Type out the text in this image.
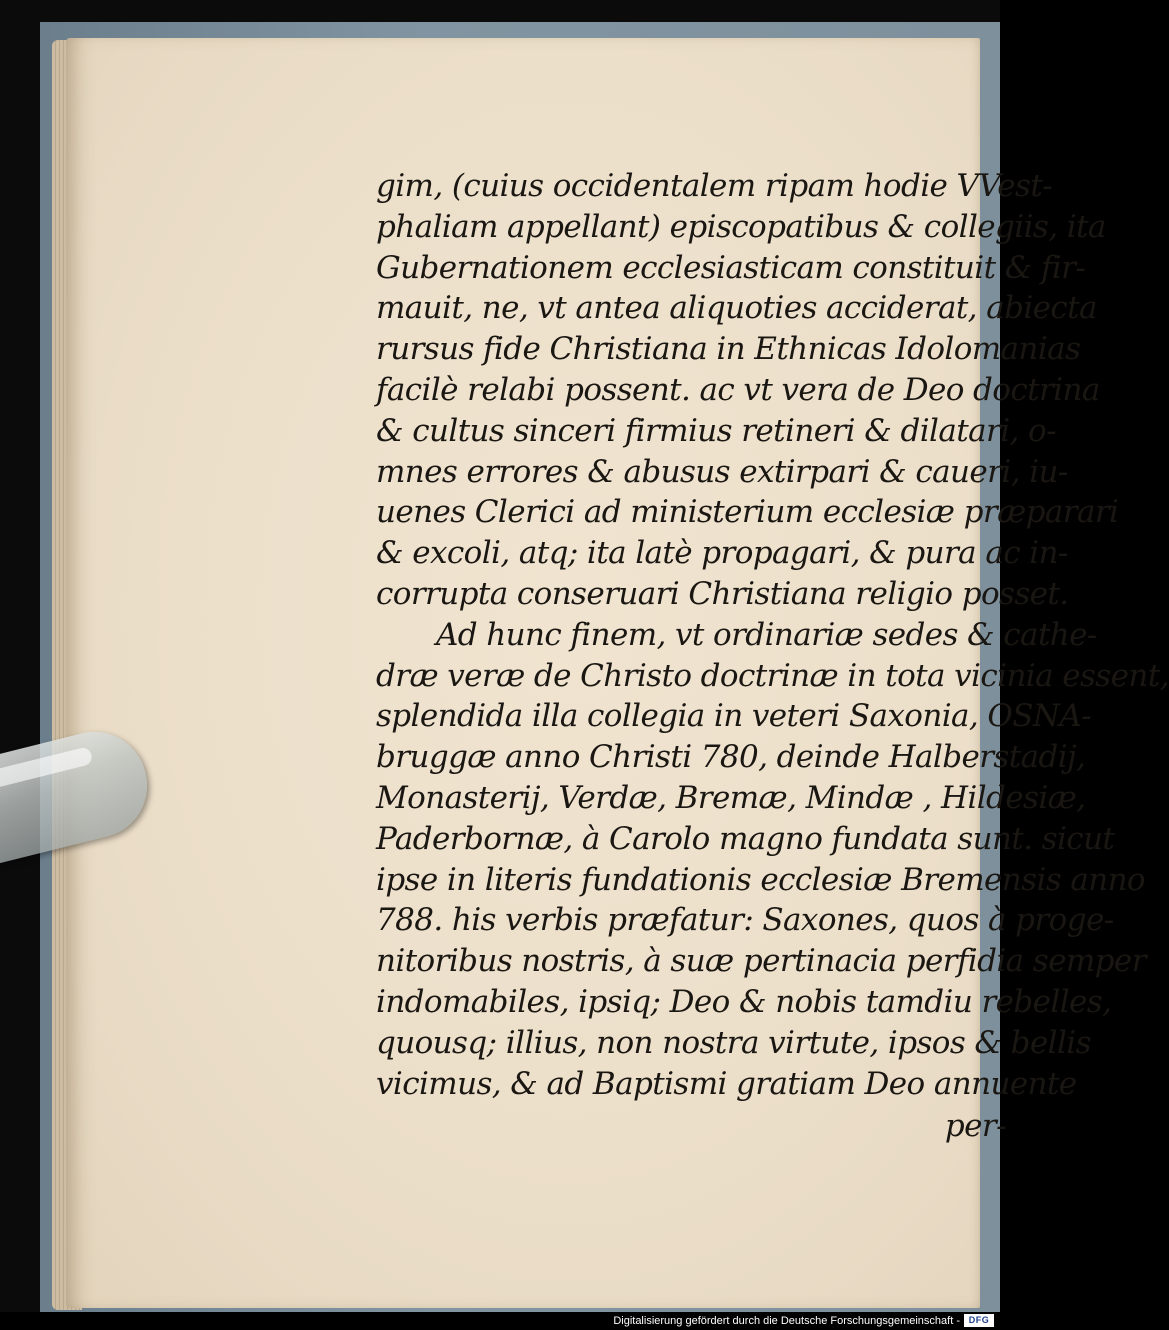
gim, (cuius occidentalem ripam hodie VVest-
phaliam appellant) episcopatibus & collegiis, ita
Gubernationem ecclesiasticam constituit & fir-
mauit, ne, vt antea aliquoties acciderat, abiecta
rursus fide Christiana in Ethnicas Idolomanias
facilè relabi possent. ac vt vera de Deo doctrina
& cultus sinceri firmius retineri & dilatari, o-
mnes errores & abusus extirpari & caueri, iu-
uenes Clerici ad ministerium ecclesiæ præparari
& excoli, atq; ita latè propagari, & pura ac in-
corrupta conseruari Christiana religio posset.
Ad hunc finem, vt ordinariæ sedes & cathe-
dræ veræ de Christo doctrinæ in tota vicinia essent,
splendida illa collegia in veteri Saxonia, OSNA-
bruggæ anno Christi 780, deinde Halberstadij,
Monasterij, Verdæ, Bremæ, Mindæ , Hildesiæ,
Paderbornæ, à Carolo magno fundata sunt. sicut
ipse in literis fundationis ecclesiæ Bremensis anno
788. his verbis præfatur: Saxones, quos à proge-
nitoribus nostris, à suæ pertinacia perfidia semper
indomabiles, ipsiq; Deo & nobis tamdiu rebelles,
quousq; illius, non nostra virtute, ipsos & bellis
vicimus, & ad Baptismi gratiam Deo annuente
per-
Digitalisierung gefördert durch die Deutsche Forschungsgemeinschaft - DFG
